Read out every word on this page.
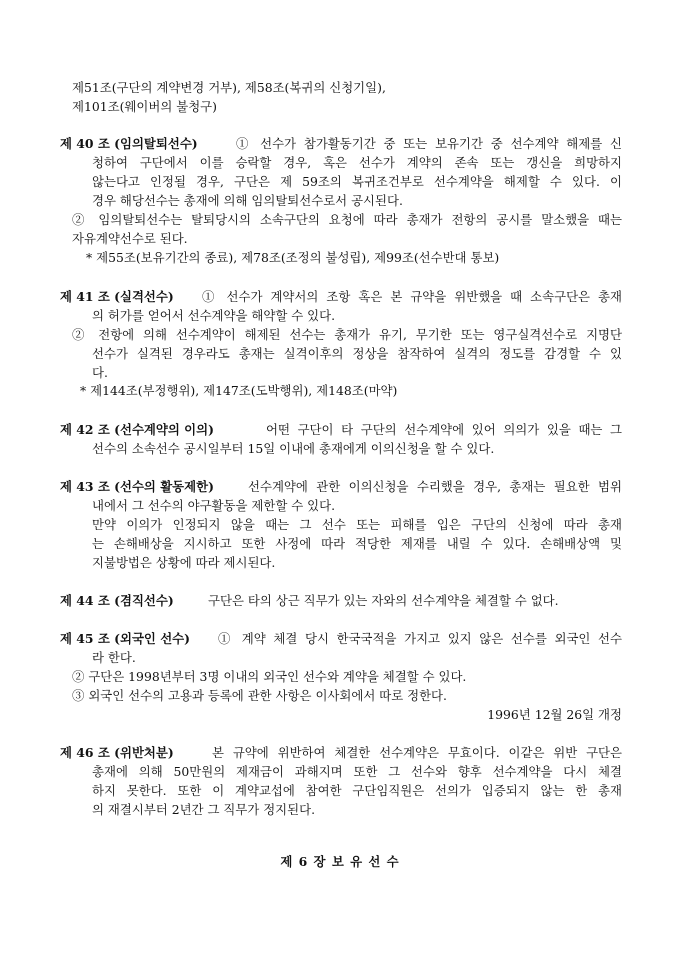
제51조(구단의 계약변경 거부), 제58조(복귀의 신청기일),
제101조(웨이버의 불청구)
제 40 조 (임의탈퇴선수)	① 선수가 참가활동기간 중 또는 보유기간 중 선수계약 해제를 신
청하여 구단에서 이를 승락할 경우, 혹은 선수가 계약의 존속 또는 갱신을 희망하지
않는다고 인정될 경우, 구단은 제 59조의 복귀조건부로 선수계약을 해제할 수 있다. 이
경우 해당선수는 총재에 의해 임의탈퇴선수로서 공시된다.
② 임의탈퇴선수는 탈퇴당시의 소속구단의 요청에 따라 총재가 전항의 공시를 말소했을 때는
자유계약선수로 된다.
* 제55조(보유기간의 종료), 제78조(조정의 불성립), 제99조(선수반대 통보)
제 41 조 (실격선수) ① 선수가 계약서의 조항 혹은 본 규약을 위반했을 때 소속구단은 총재
의 허가를 얻어서 선수계약을 해약할 수 있다.
② 전항에 의해 선수계약이 해제된 선수는 총재가 유기, 무기한 또는 영구실격선수로 지명단
선수가 실격된 경우라도 총재는 실격이후의 정상을 참작하여 실격의 정도를 감경할 수 있
다.
* 제144조(부정행위), 제147조(도박행위), 제148조(마약)
제 42 조 (선수계약의 이의)	어떤 구단이 타 구단의 선수계약에 있어 의의가 있을 때는 그
선수의 소속선수 공시일부터 15일 이내에 총재에게 이의신청을 할 수 있다.
제 43 조 (선수의 활동제한)	선수계약에 관한 이의신청을 수리했을 경우, 총재는 필요한 범위
내에서 그 선수의 야구활동을 제한할 수 있다.
만약 이의가 인정되지 않을 때는 그 선수 또는 피해를 입은 구단의 신청에 따라 총재
는 손해배상을 지시하고 또한 사정에 따라 적당한 제재를 내릴 수 있다. 손해배상액 및
지불방법은 상황에 따라 제시된다.
제 44 조 (겸직선수)	구단은 타의 상근 직무가 있는 자와의 선수계약을 체결할 수 없다.
제 45 조 (외국인 선수) ① 계약 체결 당시 한국국적을 가지고 있지 않은 선수를 외국인 선수
라 한다.
② 구단은 1998년부터 3명 이내의 외국인 선수와 계약을 체결할 수 있다.
③ 외국인 선수의 고용과 등록에 관한 사항은 이사회에서 따로 정한다.
1996년 12월 26일 개정
제 46 조 (위반처분)	본 규약에 위반하여 체결한 선수계약은 무효이다. 이같은 위반 구단은
총재에 의해 50만원의 제재금이 과해지며 또한 그 선수와 향후 선수계약을 다시 체결
하지 못한다. 또한 이 계약교섭에 참여한 구단임직원은 선의가 입증되지 않는 한 총재
의 재결시부터 2년간 그 직무가 정지된다.
제 6 장 보 유 선 수
